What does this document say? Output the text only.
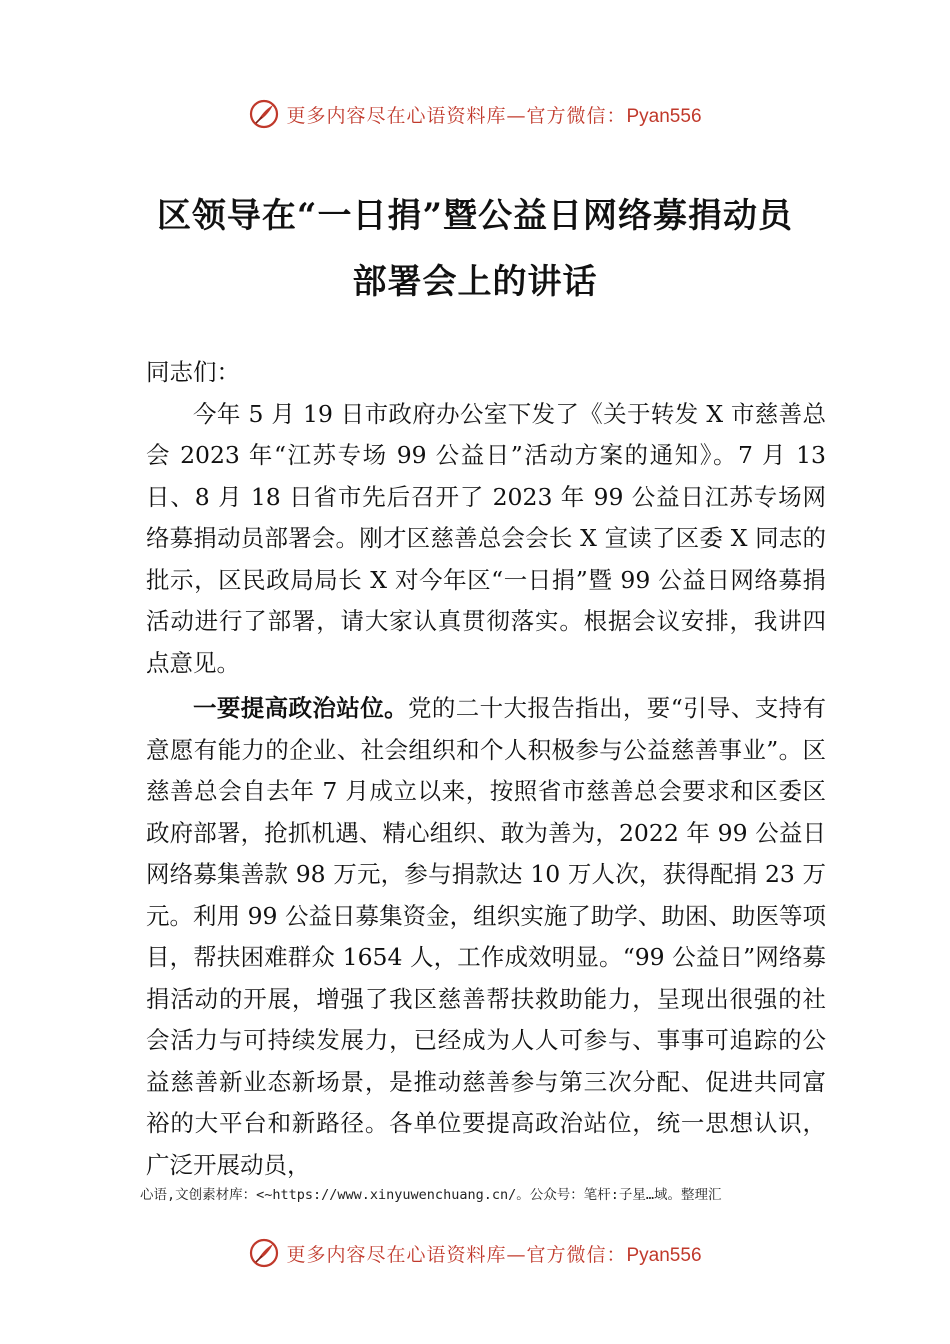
更多内容尽在心语资料库—官方微信：Pyan556
区领导在“一日捐”暨公益日网络募捐动员
部署会上的讲话

同志们：

今年 5 月 19 日市政府办公室下发了《关于转发 X 市慈善总会 2023 年“江苏专场 99 公益日”活动方案的通知》。7 月 13 日、8 月 18 日省市先后召开了 2023 年 99 公益日江苏专场网络募捐动员部署会。刚才区慈善总会会长 X 宣读了区委 X 同志的批示，区民政局局长 X 对今年区“一日捐”暨 99 公益日网络募捐活动进行了部署，请大家认真贯彻落实。根据会议安排，我讲四点意见。

一要提高政治站位。党的二十大报告指出，要“引导、支持有意愿有能力的企业、社会组织和个人积极参与公益慈善事业”。区慈善总会自去年 7 月成立以来，按照省市慈善总会要求和区委区政府部署，抢抓机遇、精心组织、敢为善为，2022 年 99 公益日网络募集善款 98 万元，参与捐款达 10 万人次，获得配捐 23 万元。利用 99 公益日募集资金，组织实施了助学、助困、助医等项目，帮扶困难群众 1654 人，工作成效明显。“99 公益日”网络募捐活动的开展，增强了我区慈善帮扶救助能力，呈现出很强的社会活力与可持续发展力，已经成为人人可参与、事事可追踪的公益慈善新业态新场景，是推动慈善参与第三次分配、促进共同富裕的大平台和新路径。各单位要提高政治站位，统一思想认识，广泛开展动员，

心语,文创素材库：<~https://www.xinyuwenchuang.cn/。公众号：笔杆:子星…域。整理汇
更多内容尽在心语资料库—官方微信：Pyan556
